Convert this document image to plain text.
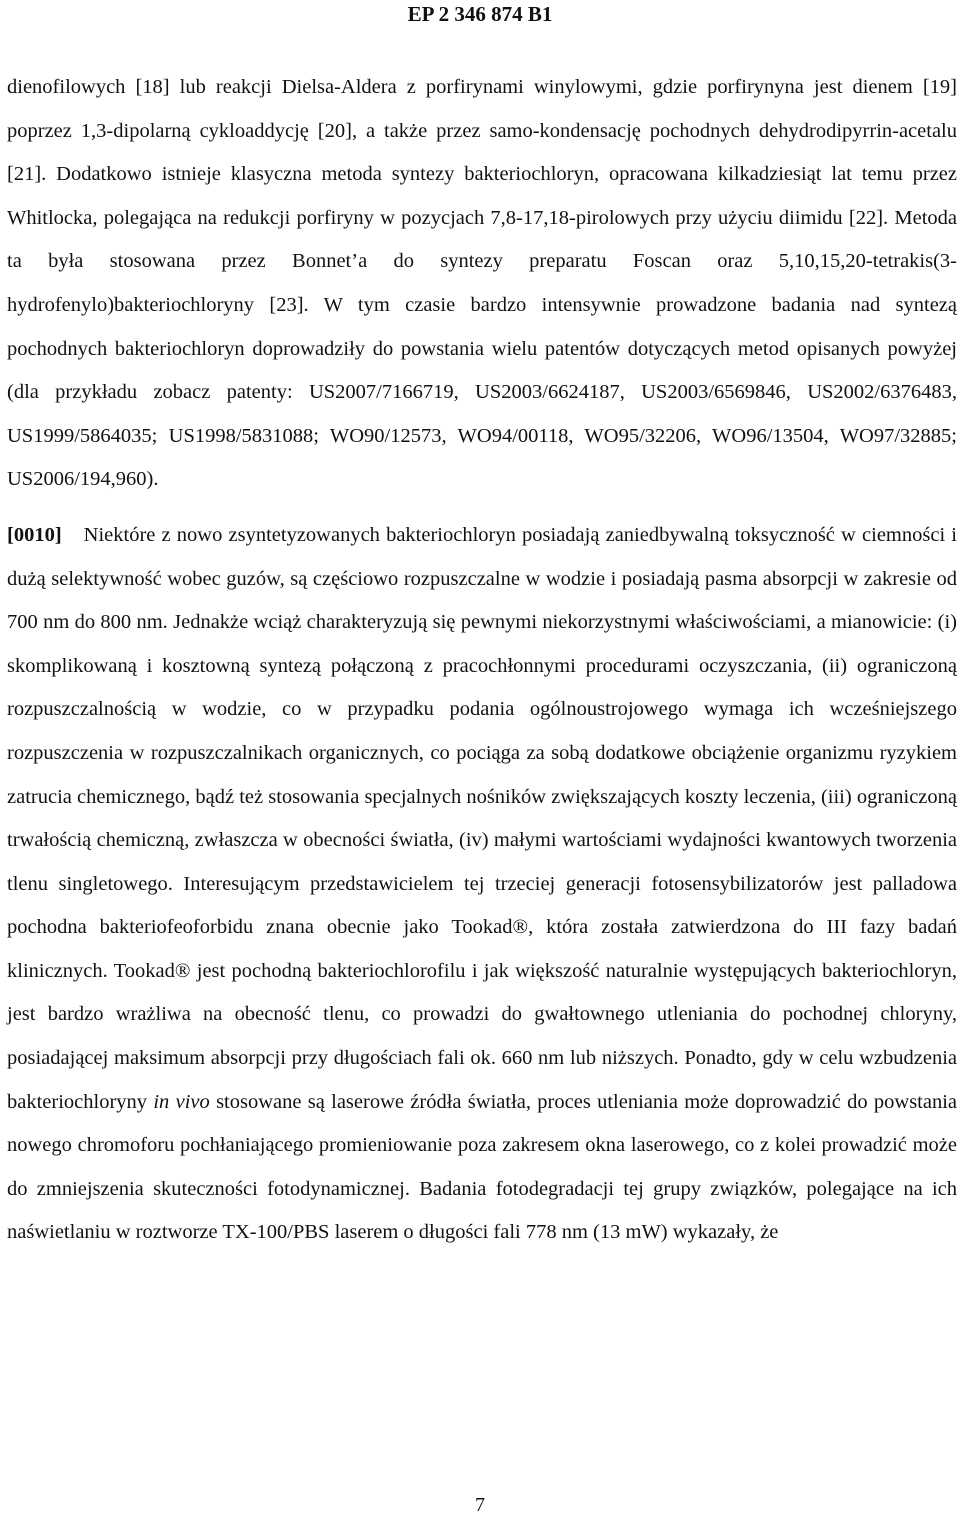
EP 2 346 874 B1

dienofilowych [18] lub reakcji Dielsa-Aldera z porfirynami winylowymi, gdzie porfirynyna jest dienem [19] poprzez 1,3-dipolarną cykloaddycję [20], a także przez samo-kondensację pochodnych dehydrodipyrrin-acetalu [21]. Dodatkowo istnieje klasyczna metoda syntezy bakteriochloryn, opracowana kilkadziesiąt lat temu przez Whitlocka, polegająca na redukcji porfiryny w pozycjach 7,8-17,18-pirolowych przy użyciu diimidu [22]. Metoda ta była stosowana przez Bonnet’a do syntezy preparatu Foscan oraz 5,10,15,20-tetrakis(3-hydrofenylo)bakteriochloryny [23]. W tym czasie bardzo intensywnie prowadzone badania nad syntezą pochodnych bakteriochloryn doprowadziły do powstania wielu patentów dotyczących metod opisanych powyżej (dla przykładu zobacz patenty: US2007/7166719, US2003/6624187, US2003/6569846, US2002/6376483, US1999/5864035; US1998/5831088; WO90/12573, WO94/00118, WO95/32206, WO96/13504, WO97/32885; US2006/194,960).

[0010] Niektóre z nowo zsyntetyzowanych bakteriochloryn posiadają zaniedbywalną toksyczność w ciemności i dużą selektywność wobec guzów, są częściowo rozpuszczalne w wodzie i posiadają pasma absorpcji w zakresie od 700 nm do 800 nm. Jednakże wciąż charakteryzują się pewnymi niekorzystnymi właściwościami, a mianowicie: (i) skomplikowaną i kosztowną syntezą połączoną z pracochłonnymi procedurami oczyszczania, (ii) ograniczoną rozpuszczalnością w wodzie, co w przypadku podania ogólnoustrojowego wymaga ich wcześniejszego rozpuszczenia w rozpuszczalnikach organicznych, co pociąga za sobą dodatkowe obciążenie organizmu ryzykiem zatrucia chemicznego, bądź też stosowania specjalnych nośników zwiększających koszty leczenia, (iii) ograniczoną trwałością chemiczną, zwłaszcza w obecności światła, (iv) małymi wartościami wydajności kwantowych tworzenia tlenu singletowego. Interesującym przedstawicielem tej trzeciej generacji fotosensybilizatorów jest palladowa pochodna bakteriofeoforbidu znana obecnie jako Tookad®, która została zatwierdzona do III fazy badań klinicznych. Tookad® jest pochodną bakteriochlorofilu i jak większość naturalnie występujących bakteriochloryn, jest bardzo wrażliwa na obecność tlenu, co prowadzi do gwałtownego utleniania do pochodnej chloryny, posiadającej maksimum absorpcji przy długościach fali ok. 660 nm lub niższych. Ponadto, gdy w celu wzbudzenia bakteriochloryny in vivo stosowane są laserowe źródła światła, proces utleniania może doprowadzić do powstania nowego chromoforu pochłaniającego promieniowanie poza zakresem okna laserowego, co z kolei prowadzić może do zmniejszenia skuteczności fotodynamicznej. Badania fotodegradacji tej grupy związków, polegające na ich naświetlaniu w roztworze TX-100/PBS laserem o długości fali 778 nm (13 mW) wykazały, że

7
